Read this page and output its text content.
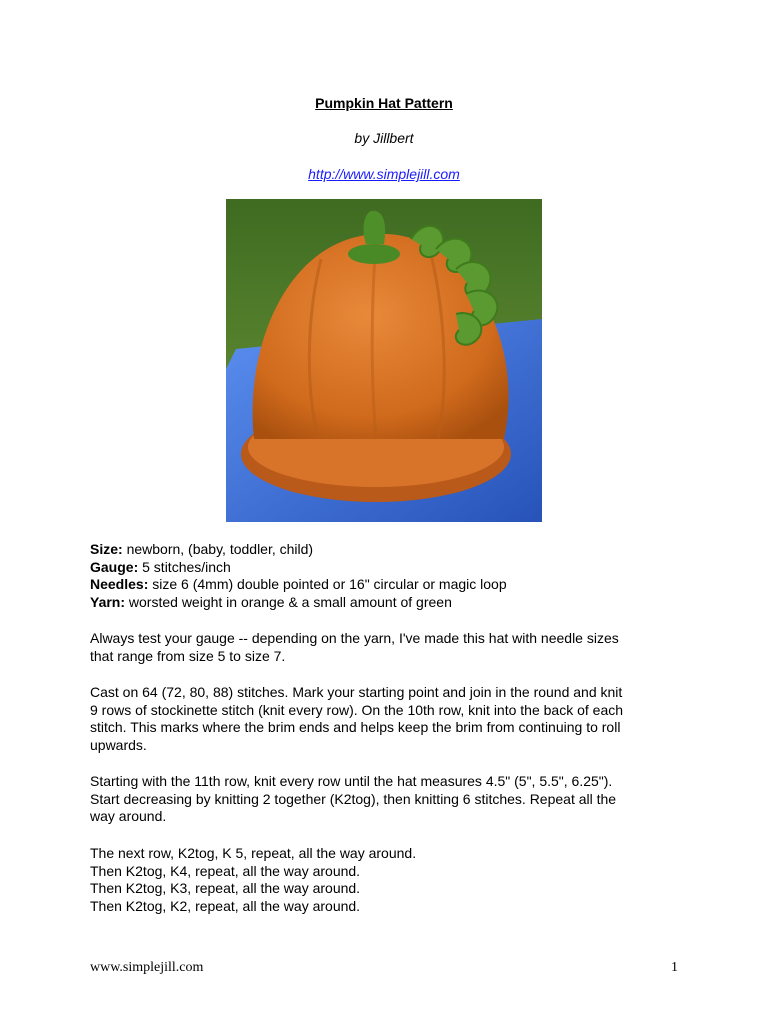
Pumpkin Hat Pattern
by Jillbert
http://www.simplejill.com
Size: newborn, (baby, toddler, child)
Gauge: 5 stitches/inch
Needles: size 6 (4mm) double pointed or 16" circular or magic loop
Yarn: worsted weight in orange & a small amount of green
Always test your gauge -- depending on the yarn, I've made this hat with needle sizes
that range from size 5 to size 7.
Cast on 64 (72, 80, 88) stitches. Mark your starting point and join in the round and knit
9 rows of stockinette stitch (knit every row). On the 10th row, knit into the back of each
stitch. This marks where the brim ends and helps keep the brim from continuing to roll
upwards.
Starting with the 11th row, knit every row until the hat measures 4.5" (5", 5.5", 6.25").
Start decreasing by knitting 2 together (K2tog), then knitting 6 stitches. Repeat all the
way around.
The next row, K2tog, K 5, repeat, all the way around.
Then K2tog, K4, repeat, all the way around.
Then K2tog, K3, repeat, all the way around.
Then K2tog, K2, repeat, all the way around.
www.simplejill.com	1
